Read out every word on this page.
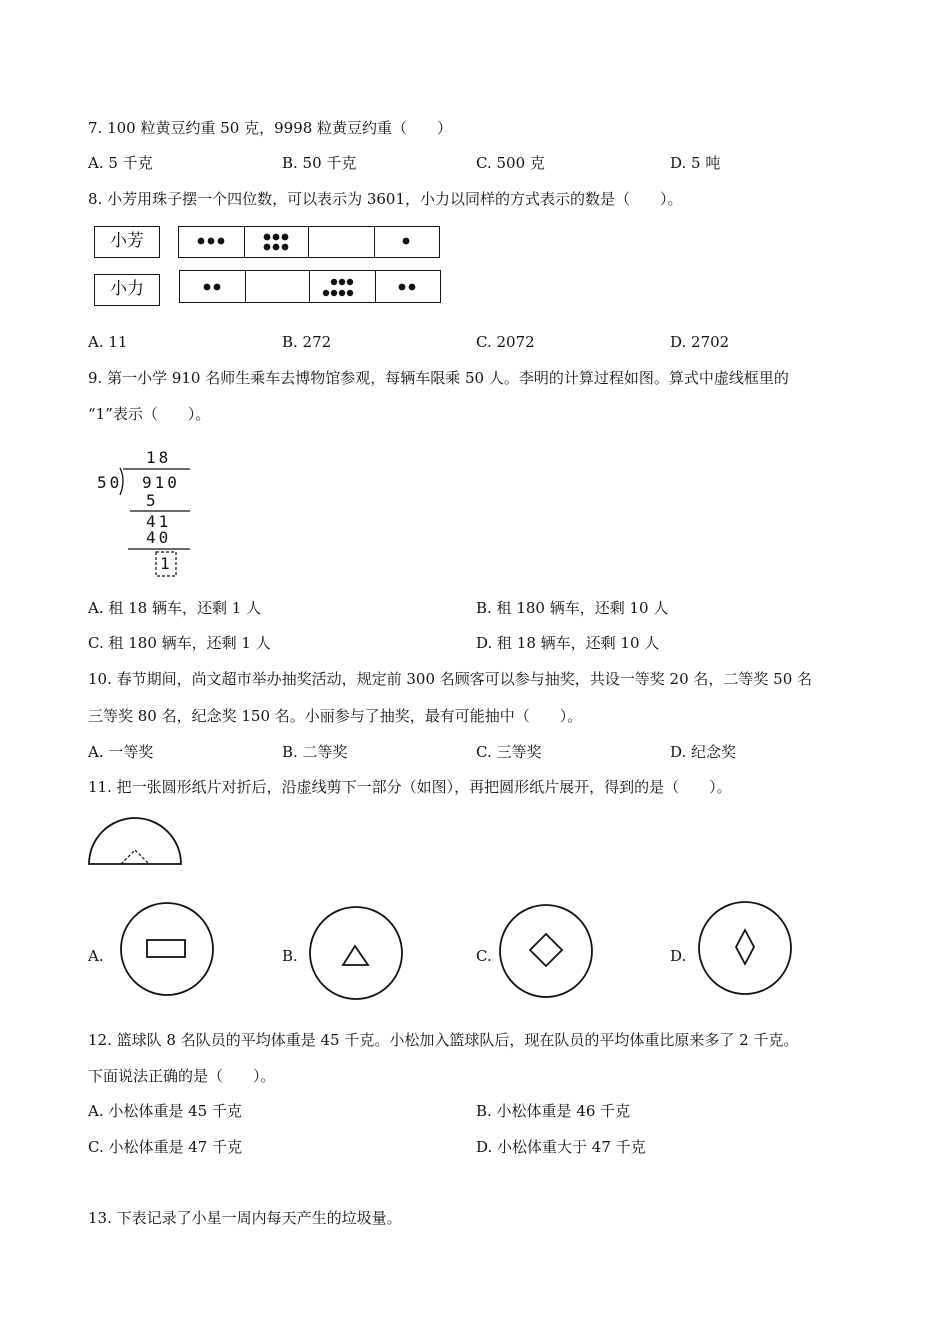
7. 100 粒黄豆约重 50 克，9998 粒黄豆约重（　　）
A. 5 千克	B. 50 千克	C. 500 克	D. 5 吨
8. 小芳用珠子摆一个四位数，可以表示为 3601，小力以同样的方式表示的数是（　　）。
小芳
小力
A. 11	B. 272	C. 2072	D. 2702
9. 第一小学 910 名师生乘车去博物馆参观，每辆车限乘 50 人。李明的计算过程如图。算式中虚线框里的
“1”表示（　　）。
18
50 910
5
41
40
1
A. 租 18 辆车，还剩 1 人	B. 租 180 辆车，还剩 10 人
C. 租 180 辆车，还剩 1 人	D. 租 18 辆车，还剩 10 人
10. 春节期间，尚文超市举办抽奖活动，规定前 300 名顾客可以参与抽奖，共设一等奖 20 名，二等奖 50 名
三等奖 80 名，纪念奖 150 名。小丽参与了抽奖，最有可能抽中（　　）。
A. 一等奖	B. 二等奖	C. 三等奖	D. 纪念奖
11. 把一张圆形纸片对折后，沿虚线剪下一部分（如图），再把圆形纸片展开，得到的是（　　）。
A.	B.	C.	D.
12. 篮球队 8 名队员的平均体重是 45 千克。小松加入篮球队后，现在队员的平均体重比原来多了 2 千克。
下面说法正确的是（　　）。
A. 小松体重是 45 千克	B. 小松体重是 46 千克
C. 小松体重是 47 千克	D. 小松体重大于 47 千克
13. 下表记录了小星一周内每天产生的垃圾量。
